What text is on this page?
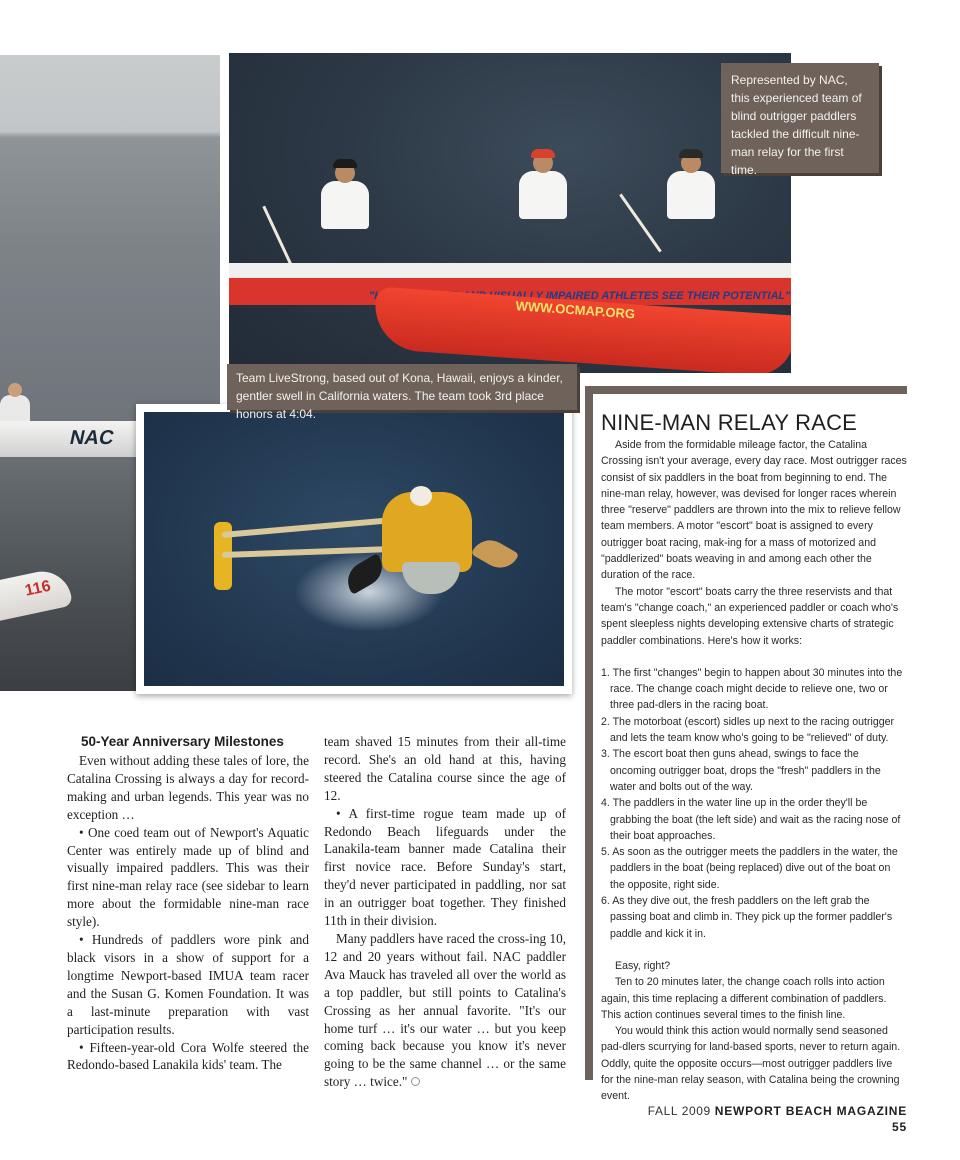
NAC
116
"HELPING BLIND AND VISUALLY IMPAIRED ATHLETES SEE THEIR POTENTIAL"
WWW.OCMAP.ORG
Represented by NAC, this experienced team of blind outrigger paddlers tackled the difficult nine-man relay for the first time.
Team LiveStrong, based out of Kona, Hawaii, enjoys a kinder, gentler swell in California waters. The team took 3rd place honors at 4:04.
50-Year Anniversary Milestones

Even without adding these tales of lore, the Catalina Crossing is always a day for record-making and urban legends. This year was no exception …

• One coed team out of Newport's Aquatic Center was entirely made up of blind and visually impaired paddlers. This was their first nine-man relay race (see sidebar to learn more about the formidable nine-man race style).

• Hundreds of paddlers wore pink and black visors in a show of support for a longtime Newport-based IMUA team racer and the Susan G. Komen Foundation. It was a last-minute preparation with vast participation results.

• Fifteen-year-old Cora Wolfe steered the Redondo-based Lanakila kids' team. The

team shaved 15 minutes from their all-time record. She's an old hand at this, having steered the Catalina course since the age of 12.

• A first-time rogue team made up of Redondo Beach lifeguards under the Lanakila-team banner made Catalina their first novice race. Before Sunday's start, they'd never participated in paddling, nor sat in an outrigger boat together. They finished 11th in their division.

Many paddlers have raced the cross-ing 10, 12 and 20 years without fail. NAC paddler Ava Mauck has traveled all over the world as a top paddler, but still points to Catalina's Crossing as her annual favorite. "It's our home turf … it's our water … but you keep coming back because you know it's never going to be the same channel … or the same story … twice."

NINE-MAN RELAY RACE

Aside from the formidable mileage factor, the Catalina Crossing isn't your average, every day race. Most outrigger races consist of six paddlers in the boat from beginning to end. The nine-man relay, however, was devised for longer races wherein three "reserve" paddlers are thrown into the mix to relieve fellow team members. A motor "escort" boat is assigned to every outrigger boat racing, mak-ing for a mass of motorized and "paddlerized" boats weaving in and among each other the duration of the race.

The motor "escort" boats carry the three reservists and that team's "change coach," an experienced paddler or coach who's spent sleepless nights developing extensive charts of strategic paddler combinations. Here's how it works:

1. The first "changes" begin to happen about 30 minutes into the race. The change coach might decide to relieve one, two or three pad-dlers in the racing boat.
2. The motorboat (escort) sidles up next to the racing outrigger and lets the team know who's going to be "relieved" of duty.
3. The escort boat then guns ahead, swings to face the oncoming outrigger boat, drops the "fresh" paddlers in the water and bolts out of the way.
4. The paddlers in the water line up in the order they'll be grabbing the boat (the left side) and wait as the racing nose of their boat approaches.
5. As soon as the outrigger meets the paddlers in the water, the paddlers in the boat (being replaced) dive out of the boat on the opposite, right side.
6. As they dive out, the fresh paddlers on the left grab the passing boat and climb in. They pick up the former paddler's paddle and kick it in.

Easy, right?

Ten to 20 minutes later, the change coach rolls into action again, this time replacing a different combination of paddlers. This action continues several times to the finish line.

You would think this action would normally send seasoned pad-dlers scurrying for land-based sports, never to return again. Oddly, quite the opposite occurs—most outrigger paddlers live for the nine-man relay season, with Catalina being the crowning event.

FALL 2009 NEWPORT BEACH MAGAZINE 55
